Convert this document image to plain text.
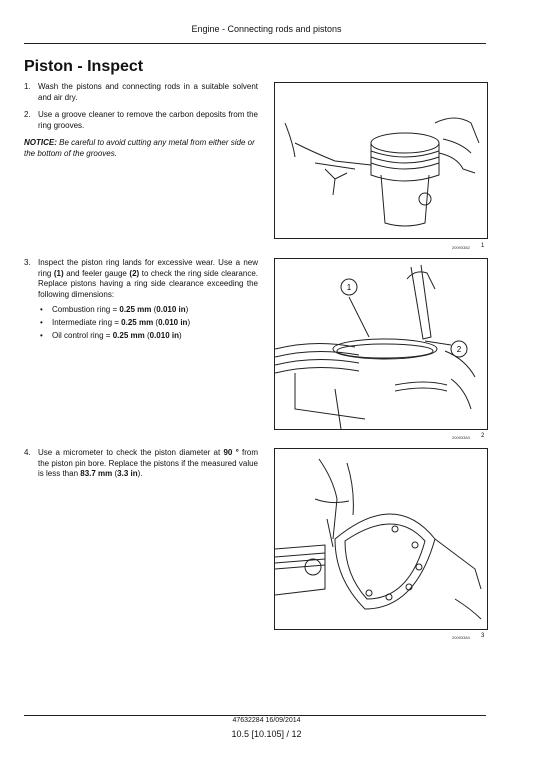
Engine - Connecting rods and pistons
Piston - Inspect
1. Wash the pistons and connecting rods in a suitable solvent and air dry.
2. Use a groove cleaner to remove the carbon deposits from the ring grooves.
NOTICE: Be careful to avoid cutting any metal from either side or the bottom of the grooves.
20093382 1
3. Inspect the piston ring lands for excessive wear. Use a new ring (1) and feeler gauge (2) to check the ring side clearance. Replace pistons having a ring side clearance exceeding the following dimensions:
• Combustion ring = 0.25 mm (0.010 in)
• Intermediate ring = 0.25 mm (0.010 in)
• Oil control ring = 0.25 mm (0.010 in)
1
2
20093383 2
4. Use a micrometer to check the piston diameter at 90 ° from the piston pin bore. Replace the pistons if the measured value is less than 83.7 mm (3.3 in).
20093384 3
47632284 16/09/2014
10.5 [10.105] / 12
